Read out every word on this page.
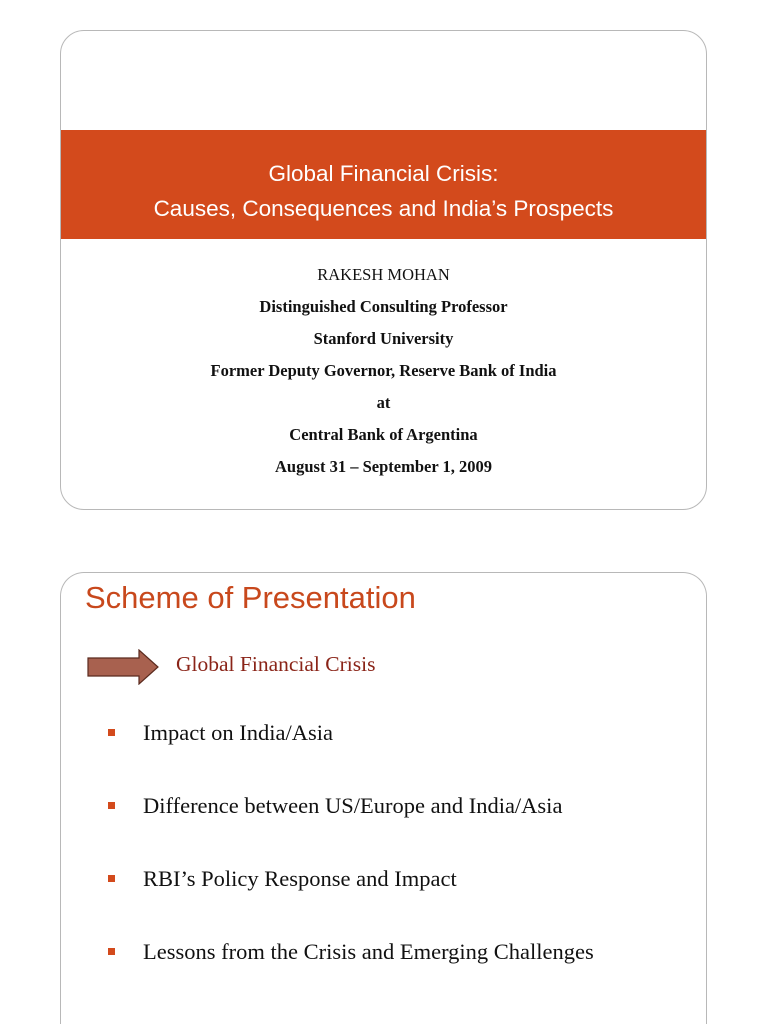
Global Financial Crisis:
Causes, Consequences and India’s Prospects
RAKESH MOHAN
Distinguished Consulting Professor
Stanford University
Former Deputy Governor, Reserve Bank of India
at
Central Bank of Argentina
August 31 – September 1, 2009
Scheme of Presentation
Global Financial Crisis
Impact on India/Asia
Difference between US/Europe and India/Asia
RBI’s Policy Response and Impact
Lessons from the Crisis and Emerging Challenges
